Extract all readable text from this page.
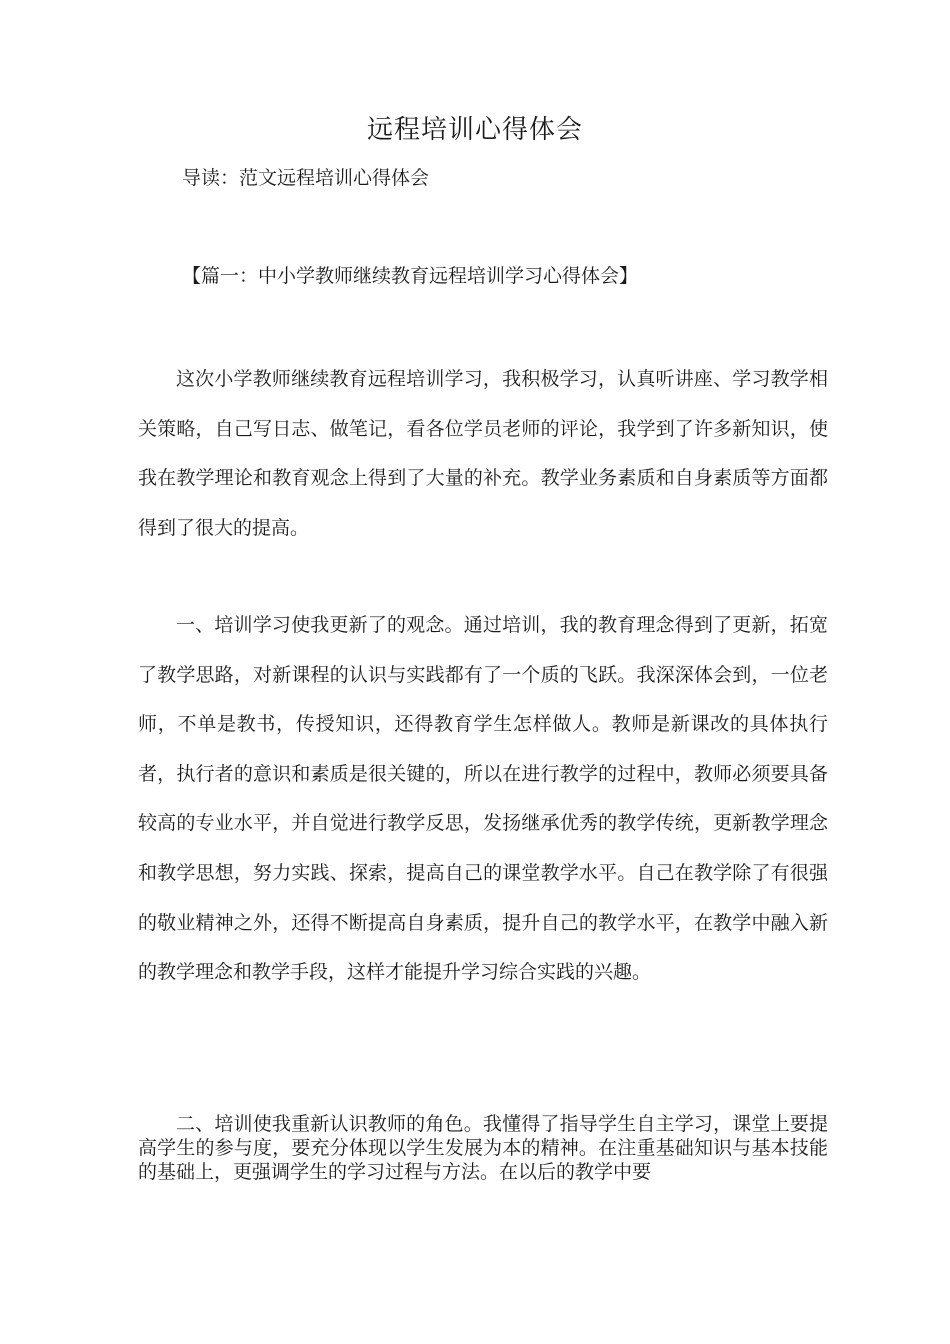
远程培训心得体会
导读：范文远程培训心得体会
【篇一：中小学教师继续教育远程培训学习心得体会】

这次小学教师继续教育远程培训学习，我积极学习，认真听讲座、学习教学相关策略，自己写日志、做笔记，看各位学员老师的评论，我学到了许多新知识，使我在教学理论和教育观念上得到了大量的补充。教学业务素质和自身素质等方面都得到了很大的提高。

一、培训学习使我更新了的观念。通过培训，我的教育理念得到了更新，拓宽了教学思路，对新课程的认识与实践都有了一个质的飞跃。我深深体会到，一位老师，不单是教书，传授知识，还得教育学生怎样做人。教师是新课改的具体执行者，执行者的意识和素质是很关键的，所以在进行教学的过程中，教师必须要具备较高的专业水平，并自觉进行教学反思，发扬继承优秀的教学传统，更新教学理念和教学思想，努力实践、探索，提高自己的课堂教学水平。自己在教学除了有很强的敬业精神之外，还得不断提高自身素质，提升自己的教学水平，在教学中融入新的教学理念和教学手段，这样才能提升学习综合实践的兴趣。

二、培训使我重新认识教师的角色。我懂得了指导学生自主学习，课堂上要提高学生的参与度，要充分体现以学生发展为本的精神。在注重基础知识与基本技能的基础上，更强调学生的学习过程与方法。在以后的教学中要
